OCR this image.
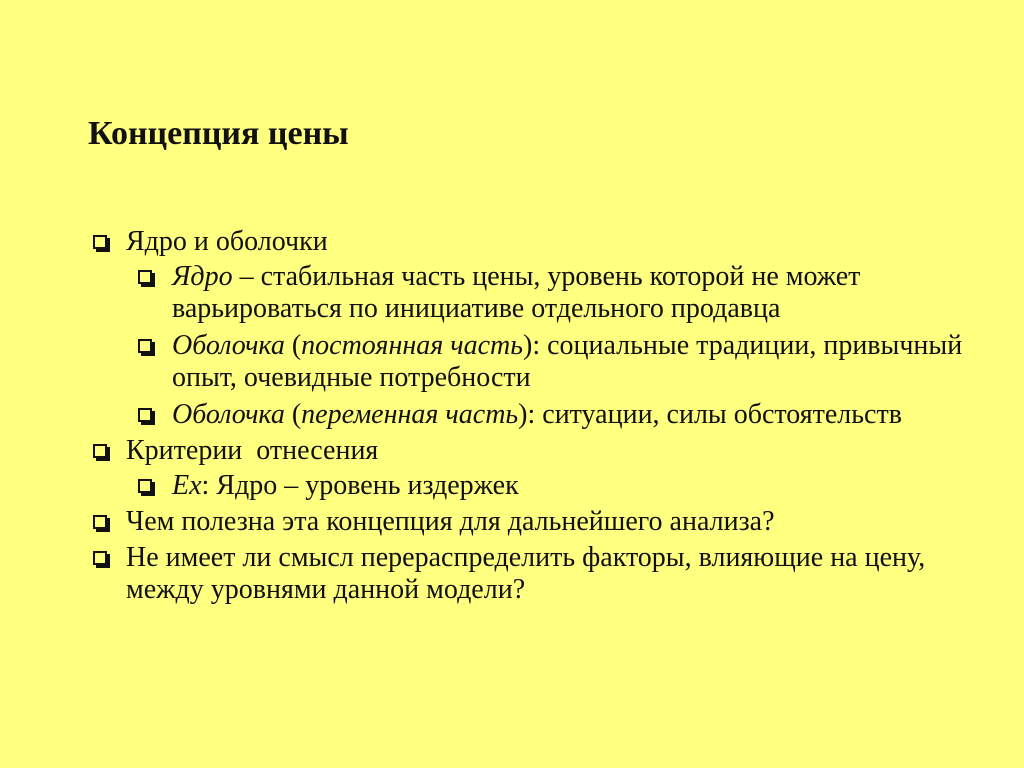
Концепция цены
Ядро и оболочки
Ядро – стабильная часть цены, уровень которой не может варьироваться по инициативе отдельного продавца
Оболочка (постоянная часть): социальные традиции, привычный опыт, очевидные потребности
Оболочка (переменная часть): ситуации, силы обстоятельств
Критерии  отнесения
Ex: Ядро – уровень издержек
Чем полезна эта концепция для дальнейшего анализа?
Не имеет ли смысл перераспределить факторы, влияющие на цену, между уровнями данной модели?
